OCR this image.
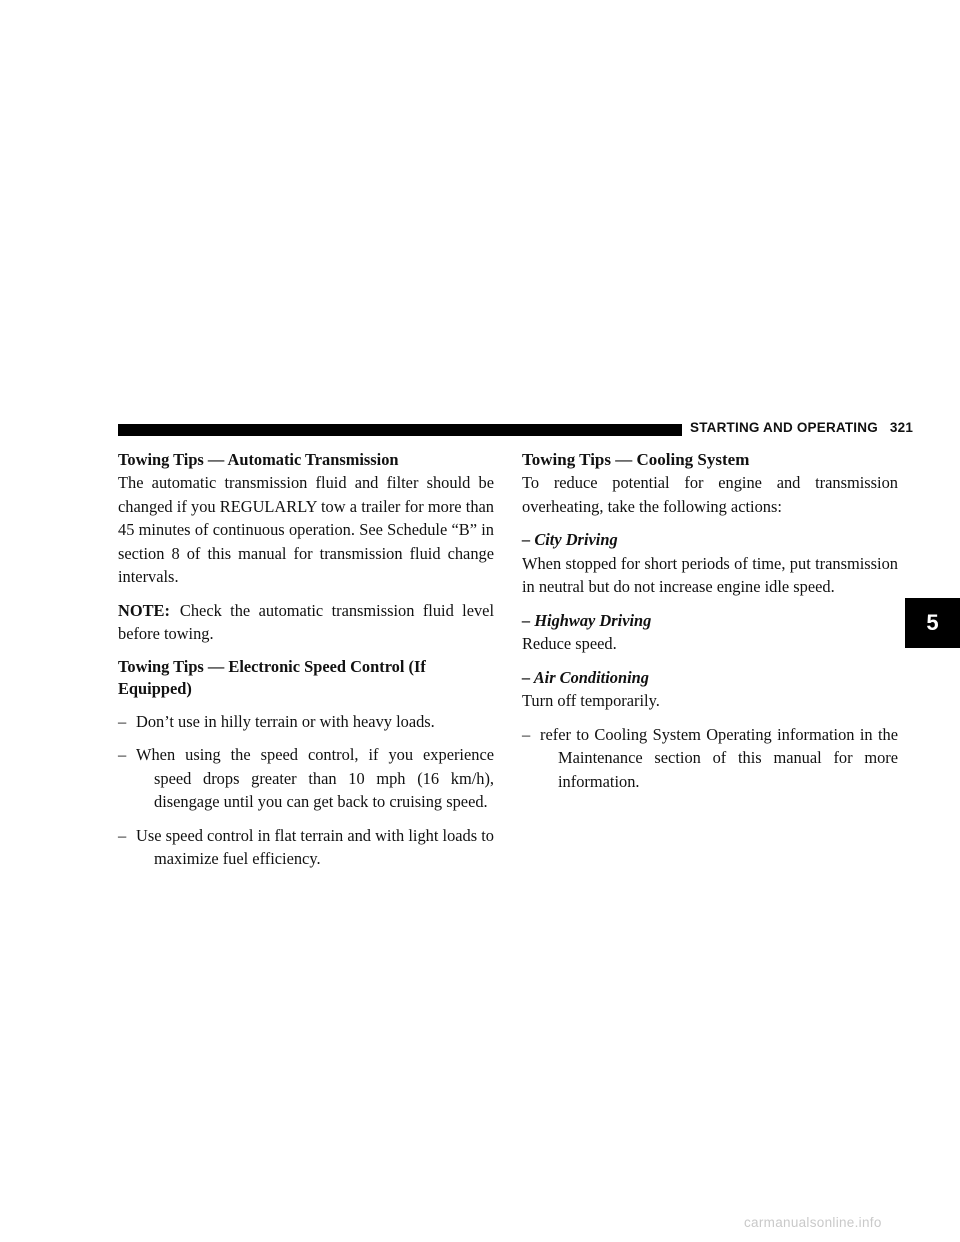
STARTING AND OPERATING 321
Towing Tips — Automatic Transmission

The automatic transmission fluid and filter should be changed if you REGULARLY tow a trailer for more than 45 minutes of continuous operation. See Schedule “B” in section 8 of this manual for transmission fluid change intervals.

NOTE: Check the automatic transmission fluid level before towing.

Towing Tips — Electronic Speed Control (If Equipped)

– Don’t use in hilly terrain or with heavy loads.

– When using the speed control, if you experience speed drops greater than 10 mph (16 km/h), disengage until you can get back to cruising speed.

– Use speed control in flat terrain and with light loads to maximize fuel efficiency.

Towing Tips — Cooling System

To reduce potential for engine and transmission overheating, take the following actions:

– City Driving

When stopped for short periods of time, put transmission in neutral but do not increase engine idle speed.

– Highway Driving

Reduce speed.

– Air Conditioning

Turn off temporarily.

– refer to Cooling System Operating information in the Maintenance section of this manual for more information.

5
carmanualsonline.info
